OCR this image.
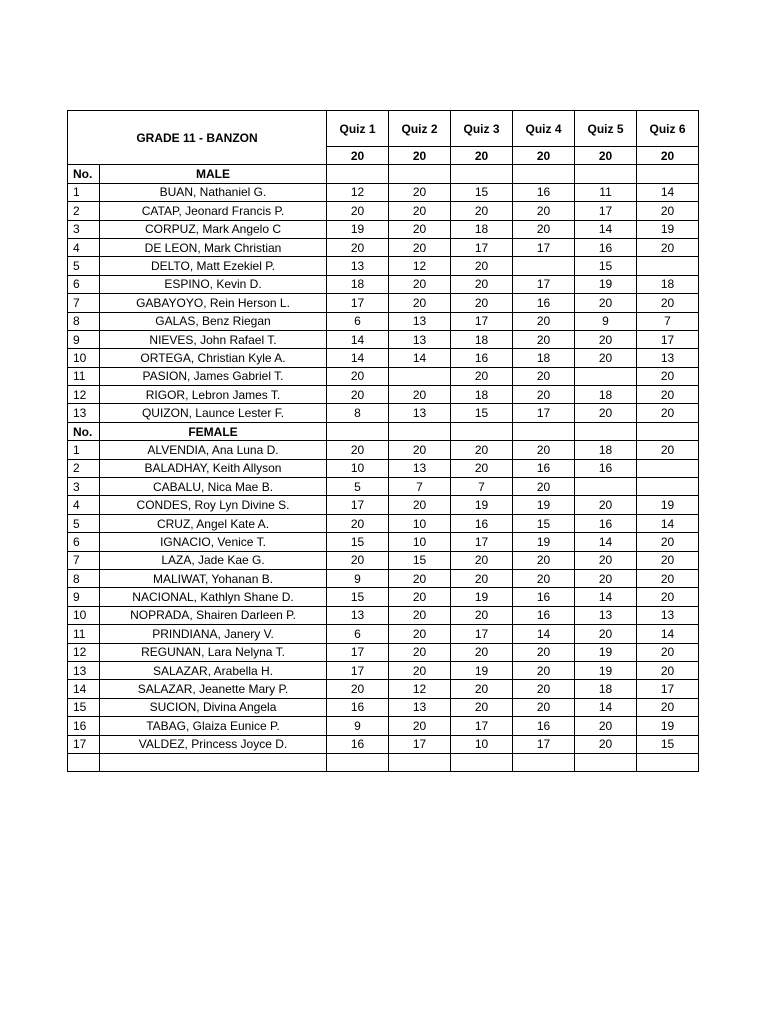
GRADE 11 - BANZON		Quiz 1	Quiz 2	Quiz 3	Quiz 4	Quiz 5	Quiz 6
		20	20	20	20	20	20
No.	MALE						
1	BUAN, Nathaniel G.	12	20	15	16	11	14
2	CATAP, Jeonard Francis P.	20	20	20	20	17	20
3	CORPUZ, Mark Angelo C	19	20	18	20	14	19
4	DE LEON, Mark Christian	20	20	17	17	16	20
5	DELTO, Matt Ezekiel P.	13	12	20		15	
6	ESPINO, Kevin D.	18	20	20	17	19	18
7	GABAYOYO, Rein Herson L.	17	20	20	16	20	20
8	GALAS, Benz Riegan	6	13	17	20	9	7
9	NIEVES, John Rafael T.	14	13	18	20	20	17
10	ORTEGA, Christian Kyle A.	14	14	16	18	20	13
11	PASION, James Gabriel T.	20		20	20		20
12	RIGOR, Lebron James T.	20	20	18	20	18	20
13	QUIZON, Launce Lester F.	8	13	15	17	20	20
No.	FEMALE						
1	ALVENDIA, Ana Luna D.	20	20	20	20	18	20
2	BALADHAY, Keith Allyson	10	13	20	16	16	
3	CABALU, Nica Mae B.	5	7	7	20		
4	CONDES, Roy Lyn Divine S.	17	20	19	19	20	19
5	CRUZ, Angel Kate A.	20	10	16	15	16	14
6	IGNACIO, Venice T.	15	10	17	19	14	20
7	LAZA, Jade Kae G.	20	15	20	20	20	20
8	MALIWAT, Yohanan B.	9	20	20	20	20	20
9	NACIONAL, Kathlyn Shane D.	15	20	19	16	14	20
10	NOPRADA, Shairen Darleen P.	13	20	20	16	13	13
11	PRINDIANA, Janery V.	6	20	17	14	20	14
12	REGUNAN, Lara Nelyna T.	17	20	20	20	19	20
13	SALAZAR, Arabella H.	17	20	19	20	19	20
14	SALAZAR, Jeanette Mary P.	20	12	20	20	18	17
15	SUCION, Divina Angela	16	13	20	20	14	20
16	TABAG, Glaiza Eunice P.	9	20	17	16	20	19
17	VALDEZ, Princess Joyce D.	16	17	10	17	20	15
